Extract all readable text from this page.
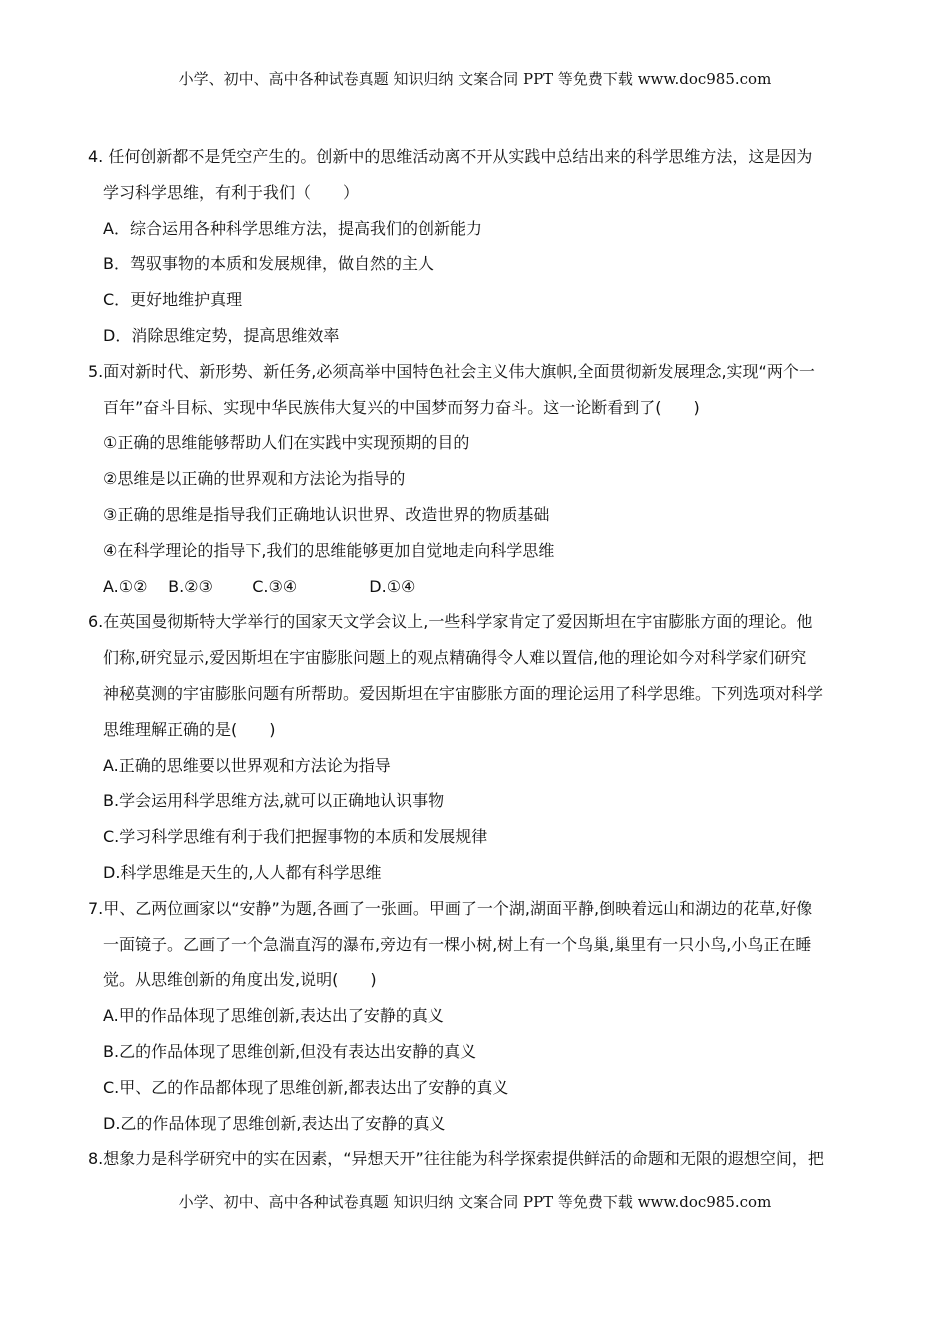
小学、初中、高中各种试卷真题 知识归纳 文案合同 PPT 等免费下载 www.doc985.com
4. 任何创新都不是凭空产生的。创新中的思维活动离不开从实践中总结出来的科学思维方法，这是因为
学习科学思维，有利于我们（　　）
A．综合运用各种科学思维方法，提高我们的创新能力
B．驾驭事物的本质和发展规律，做自然的主人
C．更好地维护真理
D．消除思维定势，提高思维效率
5.面对新时代、新形势、新任务,必须高举中国特色社会主义伟大旗帜,全面贯彻新发展理念,实现“两个一
百年”奋斗目标、实现中华民族伟大复兴的中国梦而努力奋斗。这一论断看到了(　　)
①正确的思维能够帮助人们在实践中实现预期的目的
②思维是以正确的世界观和方法论为指导的
③正确的思维是指导我们正确地认识世界、改造世界的物质基础
④在科学理论的指导下,我们的思维能够更加自觉地走向科学思维
A.①② B.②③ C.③④	D.①④
6.在英国曼彻斯特大学举行的国家天文学会议上,一些科学家肯定了爱因斯坦在宇宙膨胀方面的理论。他
们称,研究显示,爱因斯坦在宇宙膨胀问题上的观点精确得令人难以置信,他的理论如今对科学家们研究
神秘莫测的宇宙膨胀问题有所帮助。爱因斯坦在宇宙膨胀方面的理论运用了科学思维。下列选项对科学
思维理解正确的是(　　)
A.正确的思维要以世界观和方法论为指导
B.学会运用科学思维方法,就可以正确地认识事物
C.学习科学思维有利于我们把握事物的本质和发展规律
D.科学思维是天生的,人人都有科学思维
7.甲、乙两位画家以“安静”为题,各画了一张画。甲画了一个湖,湖面平静,倒映着远山和湖边的花草,好像
一面镜子。乙画了一个急湍直泻的瀑布,旁边有一棵小树,树上有一个鸟巢,巢里有一只小鸟,小鸟正在睡
觉。从思维创新的角度出发,说明(　　)
A.甲的作品体现了思维创新,表达出了安静的真义
B.乙的作品体现了思维创新,但没有表达出安静的真义
C.甲、乙的作品都体现了思维创新,都表达出了安静的真义
D.乙的作品体现了思维创新,表达出了安静的真义
8.想象力是科学研究中的实在因素，“异想天开”往往能为科学探索提供鲜活的命题和无限的遐想空间，把
小学、初中、高中各种试卷真题 知识归纳 文案合同 PPT 等免费下载 www.doc985.com
